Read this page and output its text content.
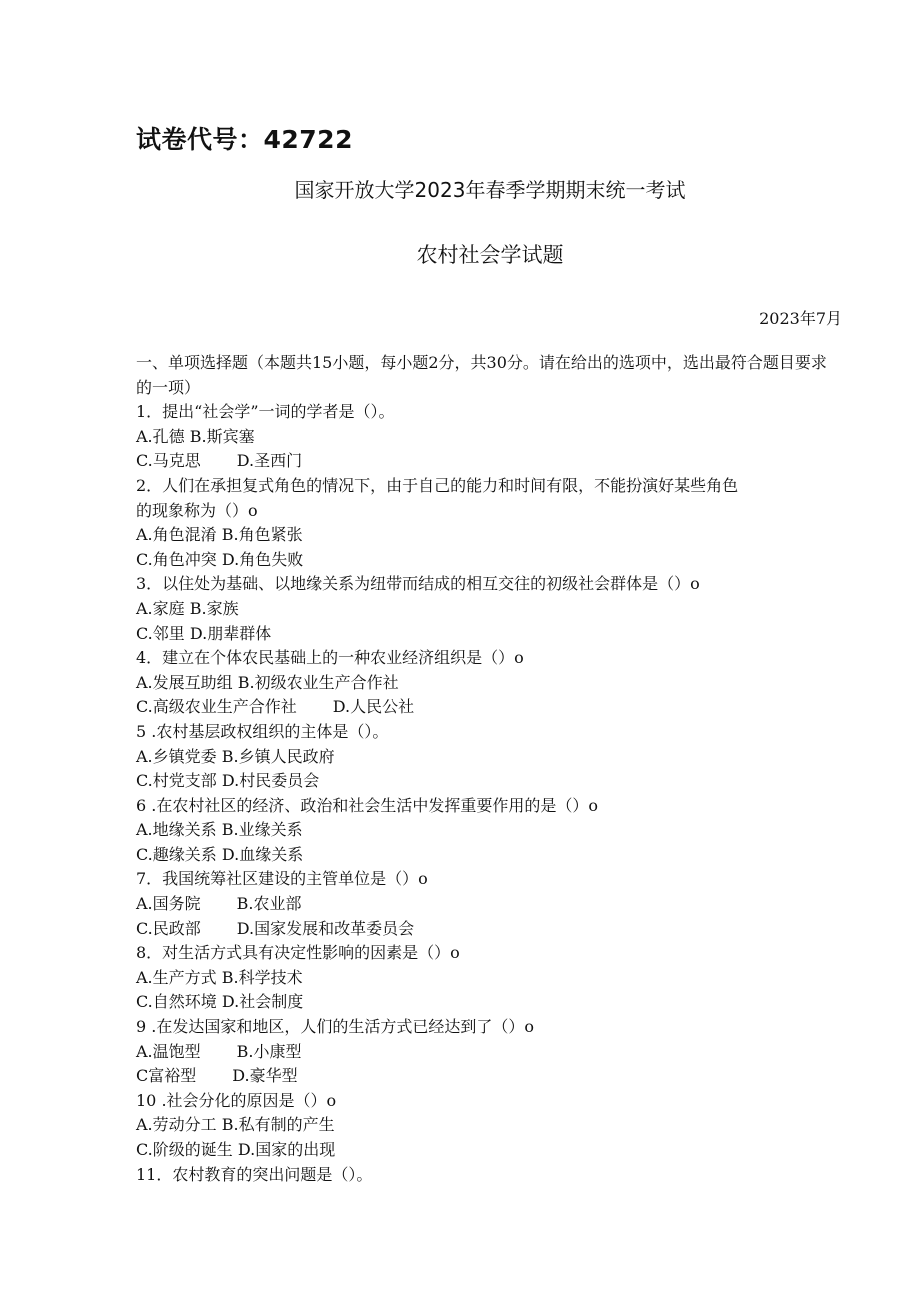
试卷代号：42722
国家开放大学2023年春季学期期末统一考试
农村社会学试题
2023年7月
一、单项选择题（本题共15小题，每小题2分，共30分。请在给出的选项中，选出最符合题目要求的一项）
1．提出“社会学”一词的学者是（）。
A.孔德 B.斯宾塞
C.马克思 D.圣西门
2．人们在承担复式角色的情况下，由于自己的能力和时间有限，不能扮演好某些角色
的现象称为（）o
A.角色混淆 B.角色紧张
C.角色冲突 D.角色失败
3．以住处为基础、以地缘关系为纽带而结成的相互交往的初级社会群体是（）o
A.家庭 B.家族
C.邻里 D.朋辈群体
4．建立在个体农民基础上的一种农业经济组织是（）o
A.发展互助组 B.初级农业生产合作社
C.高级农业生产合作社 D.人民公社
5 .农村基层政权组织的主体是（）。
A.乡镇党委 B.乡镇人民政府
C.村党支部 D.村民委员会
6 .在农村社区的经济、政治和社会生活中发挥重要作用的是（）o
A.地缘关系 B.业缘关系
C.趣缘关系 D.血缘关系
7．我国统筹社区建设的主管单位是（）o
A.国务院 B.农业部
C.民政部 D.国家发展和改革委员会
8．对生活方式具有决定性影响的因素是（）o
A.生产方式 B.科学技术
C.自然环境 D.社会制度
9 .在发达国家和地区，人们的生活方式已经达到了（）o
A.温饱型 B.小康型
C富裕型 D.豪华型
10 .社会分化的原因是（）o
A.劳动分工 B.私有制的产生
C.阶级的诞生 D.国家的出现
11．农村教育的突出问题是（）。
